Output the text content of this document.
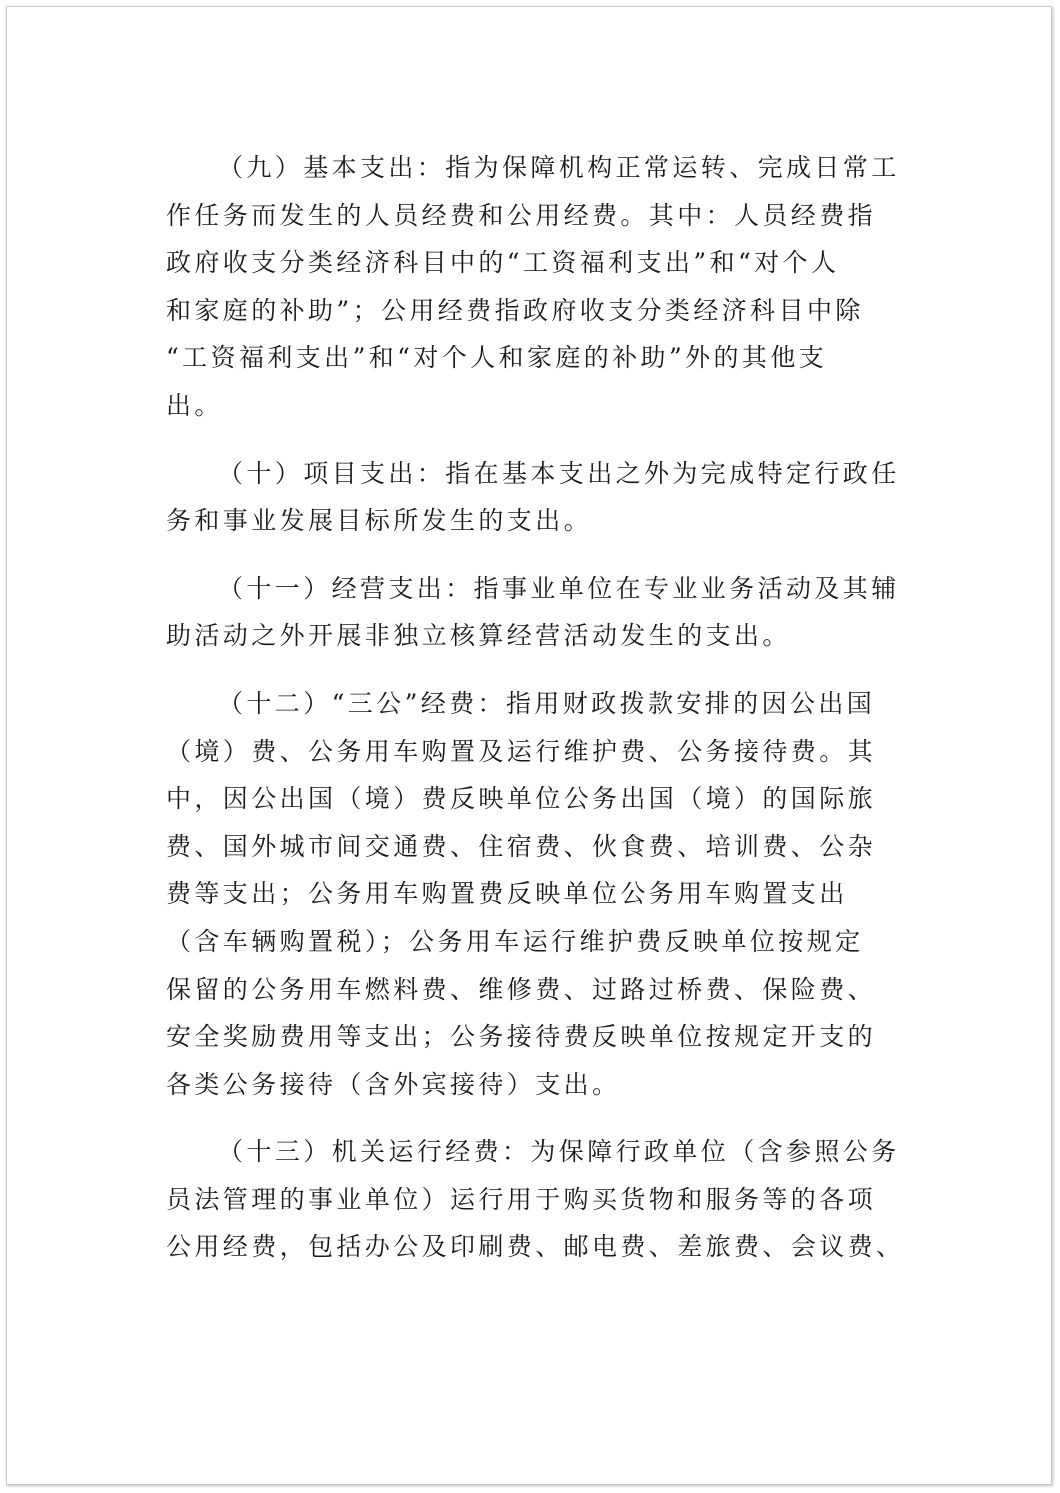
（九）基本支出：指为保障机构正常运转、完成日常工
作任务而发生的人员经费和公用经费。其中：人员经费指
政府收支分类经济科目中的“工资福利支出”和“对个人
和家庭的补助”；公用经费指政府收支分类经济科目中除
“工资福利支出”和“对个人和家庭的补助”外的其他支
出。
（十）项目支出：指在基本支出之外为完成特定行政任
务和事业发展目标所发生的支出。
（十一）经营支出：指事业单位在专业业务活动及其辅
助活动之外开展非独立核算经营活动发生的支出。
（十二）“三公”经费：指用财政拨款安排的因公出国
（境）费、公务用车购置及运行维护费、公务接待费。其
中，因公出国（境）费反映单位公务出国（境）的国际旅
费、国外城市间交通费、住宿费、伙食费、培训费、公杂
费等支出；公务用车购置费反映单位公务用车购置支出
（含车辆购置税）；公务用车运行维护费反映单位按规定
保留的公务用车燃料费、维修费、过路过桥费、保险费、
安全奖励费用等支出；公务接待费反映单位按规定开支的
各类公务接待（含外宾接待）支出。
（十三）机关运行经费：为保障行政单位（含参照公务
员法管理的事业单位）运行用于购买货物和服务等的各项
公用经费，包括办公及印刷费、邮电费、差旅费、会议费、
